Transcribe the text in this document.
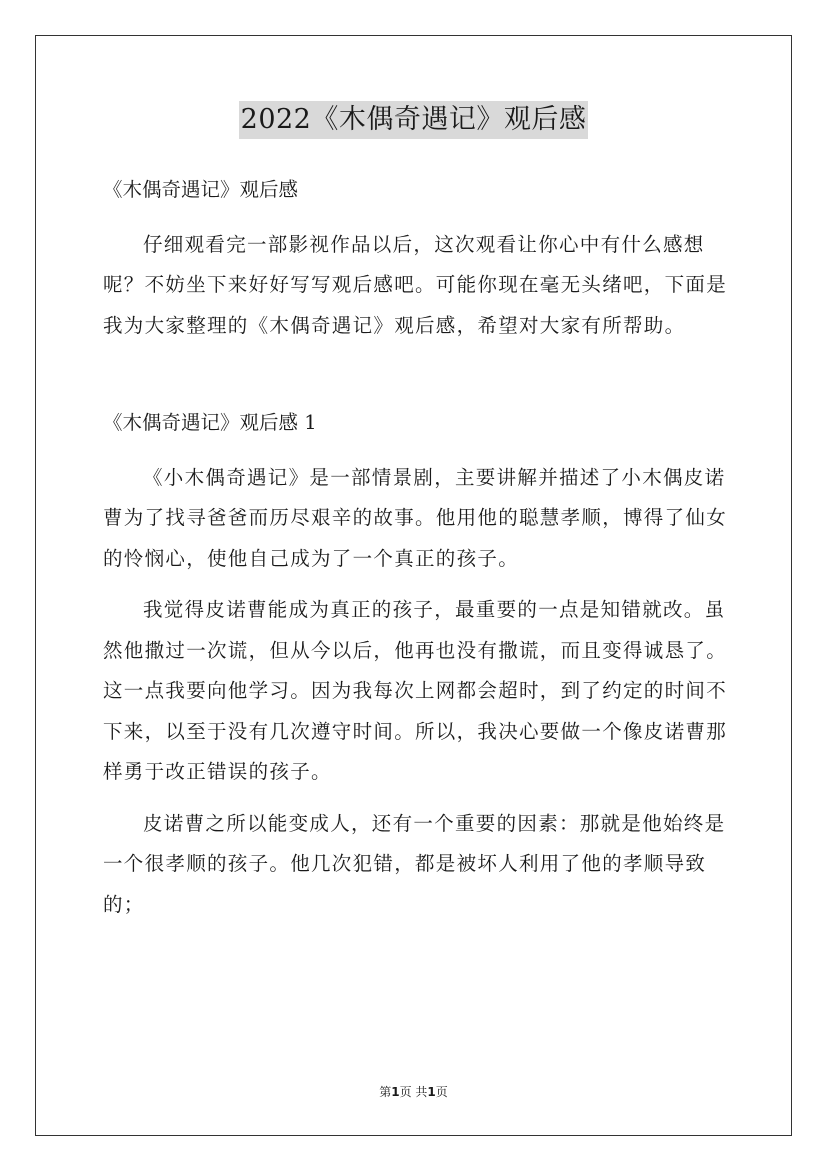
2022《木偶奇遇记》观后感

《木偶奇遇记》观后感

仔细观看完一部影视作品以后，这次观看让你心中有什么感想呢？不妨坐下来好好写写观后感吧。可能你现在毫无头绪吧，下面是我为大家整理的《木偶奇遇记》观后感，希望对大家有所帮助。

《木偶奇遇记》观后感 1

《小木偶奇遇记》是一部情景剧，主要讲解并描述了小木偶皮诺曹为了找寻爸爸而历尽艰辛的故事。他用他的聪慧孝顺，博得了仙女的怜悯心，使他自己成为了一个真正的孩子。

我觉得皮诺曹能成为真正的孩子，最重要的一点是知错就改。虽然他撒过一次谎，但从今以后，他再也没有撒谎，而且变得诚恳了。这一点我要向他学习。因为我每次上网都会超时，到了约定的时间不下来，以至于没有几次遵守时间。所以，我决心要做一个像皮诺曹那样勇于改正错误的孩子。

皮诺曹之所以能变成人，还有一个重要的因素：那就是他始终是一个很孝顺的孩子。他几次犯错，都是被坏人利用了他的孝顺导致的；

第1页 共1页
